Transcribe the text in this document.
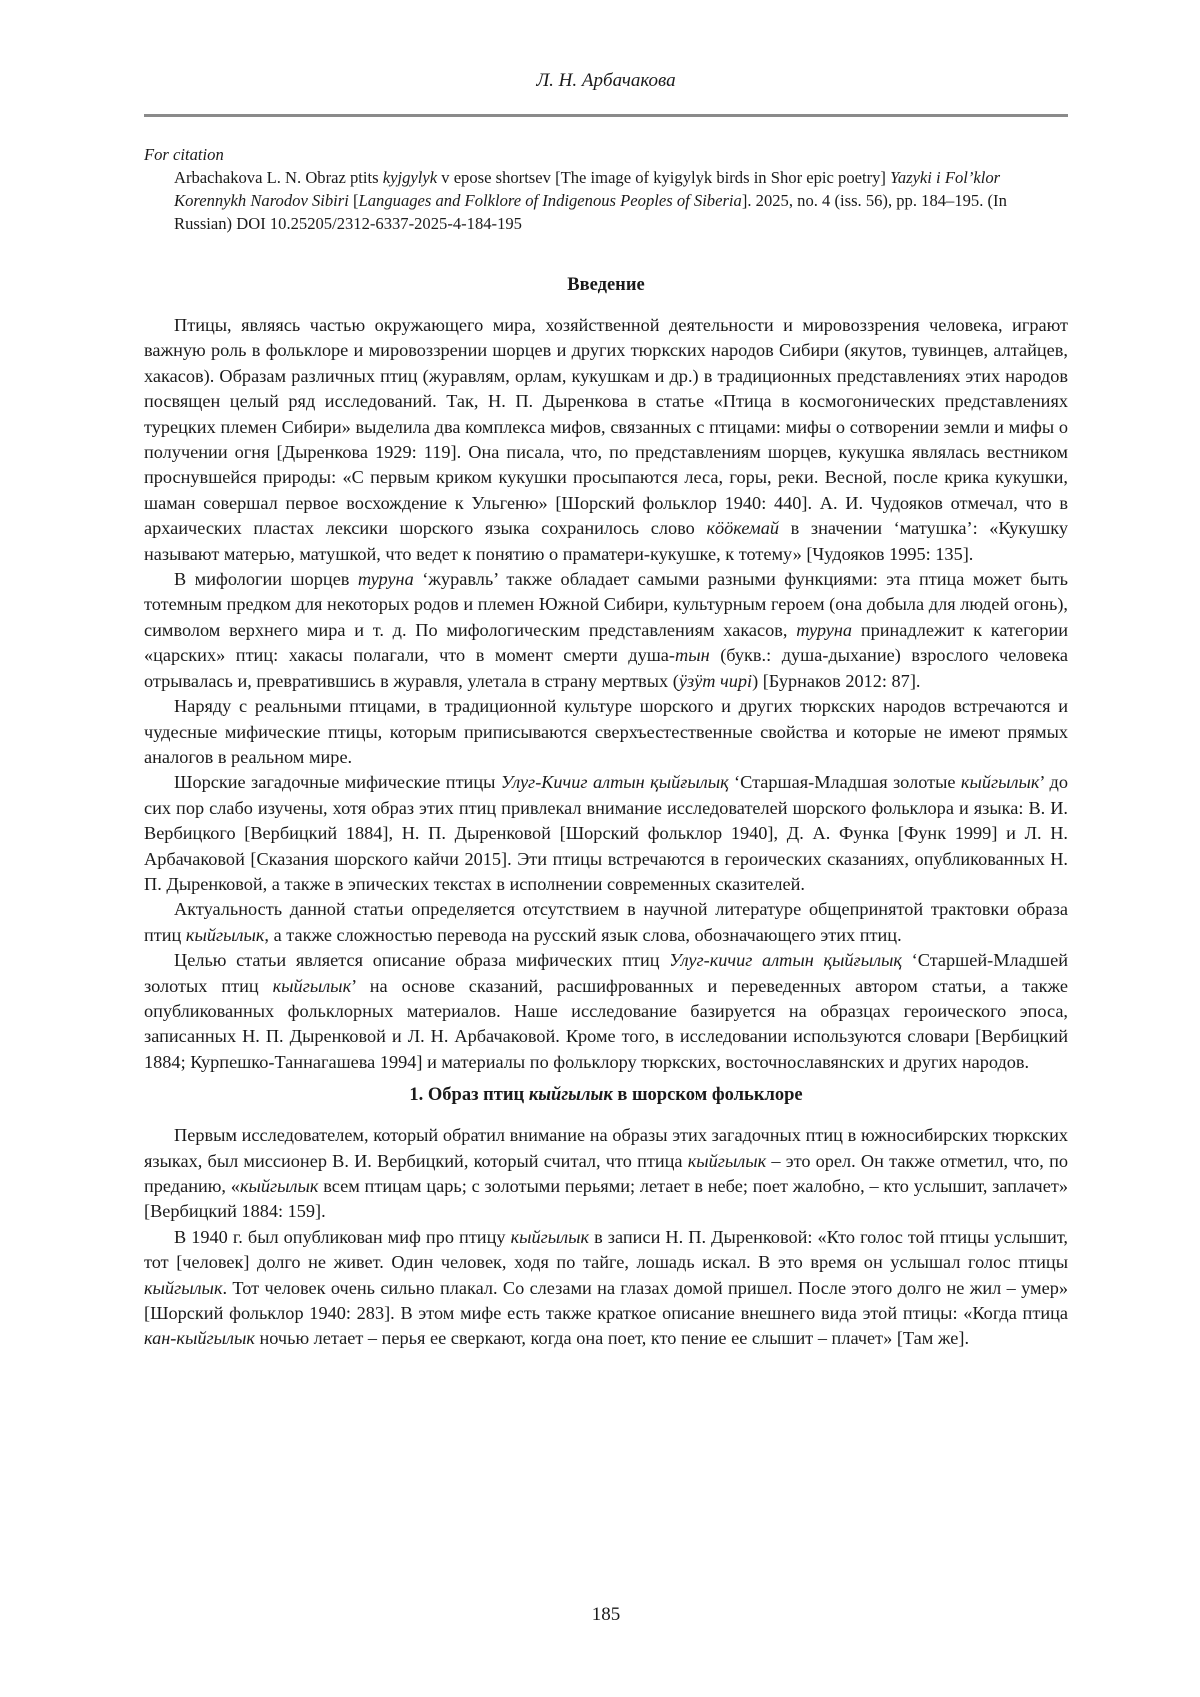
Л. Н. Арбачакова
For citation
Arbachakova L. N. Obraz ptits kyjgylyk v epose shortsev [The image of kyigylyk birds in Shor epic poetry] Yazyki i Fol’klor Korennykh Narodov Sibiri [Languages and Folklore of Indigenous Peoples of Siberia]. 2025, no. 4 (iss. 56), pp. 184–195. (In Russian) DOI 10.25205/2312-6337-2025-4-184-195
Введение

Птицы, являясь частью окружающего мира, хозяйственной деятельности и мировоззрения человека, играют важную роль в фольклоре и мировоззрении шорцев и других тюркских народов Сибири (якутов, тувинцев, алтайцев, хакасов). Образам различных птиц (журавлям, орлам, кукушкам и др.) в традиционных представлениях этих народов посвящен целый ряд исследований. Так, Н. П. Дыренкова в статье «Птица в космогонических представлениях турецких племен Сибири» выделила два комплекса мифов, связанных с птицами: мифы о сотворении земли и мифы о получении огня [Дыренкова 1929: 119]. Она писала, что, по представлениям шорцев, кукушка являлась вестником проснувшейся природы: «С первым криком кукушки просыпаются леса, горы, реки. Весной, после крика кукушки, шаман совершал первое восхождение к Ульгеню» [Шорский фольклор 1940: 440]. А. И. Чудояков отмечал, что в архаических пластах лексики шорского языка сохранилось слово кööкемай в значении ‘матушка’: «Кукушку называют матерью, матушкой, что ведет к понятию о праматери-кукушке, к тотему» [Чудояков 1995: 135].

В мифологии шорцев туруна ‘журавль’ также обладает самыми разными функциями: эта птица может быть тотемным предком для некоторых родов и племен Южной Сибири, культурным героем (она добыла для людей огонь), символом верхнего мира и т. д. По мифологическим представлениям хакасов, туруна принадлежит к категории «царских» птиц: хакасы полагали, что в момент смерти душа-тын (букв.: душа-дыхание) взрослого человека отрывалась и, превратившись в журавля, улетала в страну мертвых (ÿзÿт чирі) [Бурнаков 2012: 87].

Наряду с реальными птицами, в традиционной культуре шорского и других тюркских народов встречаются и чудесные мифические птицы, которым приписываются сверхъестественные свойства и которые не имеют прямых аналогов в реальном мире.

Шорские загадочные мифические птицы Улуг-Кичиг алтын қыйғылық ‘Старшая-Младшая золотые кыйгылык’ до сих пор слабо изучены, хотя образ этих птиц привлекал внимание исследователей шорского фольклора и языка: В. И. Вербицкого [Вербицкий 1884], Н. П. Дыренковой [Шорский фольклор 1940], Д. А. Функа [Функ 1999] и Л. Н. Арбачаковой [Сказания шорского кайчи 2015]. Эти птицы встречаются в героических сказаниях, опубликованных Н. П. Дыренковой, а также в эпических текстах в исполнении современных сказителей.

Актуальность данной статьи определяется отсутствием в научной литературе общепринятой трактовки образа птиц кыйгылык, а также сложностью перевода на русский язык слова, обозначающего этих птиц.

Целью статьи является описание образа мифических птиц Улуг-кичиг алтын қыйғылық ‘Старшей-Младшей золотых птиц кыйгылык’ на основе сказаний, расшифрованных и переведенных автором статьи, а также опубликованных фольклорных материалов. Наше исследование базируется на образцах героического эпоса, записанных Н. П. Дыренковой и Л. Н. Арбачаковой. Кроме того, в исследовании используются словари [Вербицкий 1884; Курпешко-Таннагашева 1994] и материалы по фольклору тюркских, восточнославянских и других народов.

1. Образ птиц кыйгылык в шорском фольклоре

Первым исследователем, который обратил внимание на образы этих загадочных птиц в южносибирских тюркских языках, был миссионер В. И. Вербицкий, который считал, что птица кыйгылык – это орел. Он также отметил, что, по преданию, «кыйгылык всем птицам царь; с золотыми перьями; летает в небе; поет жалобно, – кто услышит, заплачет» [Вербицкий 1884: 159].

В 1940 г. был опубликован миф про птицу кыйгылык в записи Н. П. Дыренковой: «Кто голос той птицы услышит, тот [человек] долго не живет. Один человек, ходя по тайге, лошадь искал. В это время он услышал голос птицы кыйгылык. Тот человек очень сильно плакал. Со слезами на глазах домой пришел. После этого долго не жил – умер» [Шорский фольклор 1940: 283]. В этом мифе есть также краткое описание внешнего вида этой птицы: «Когда птица кан-кыйгылык ночью летает – перья ее сверкают, когда она поет, кто пение ее слышит – плачет» [Там же].

185
